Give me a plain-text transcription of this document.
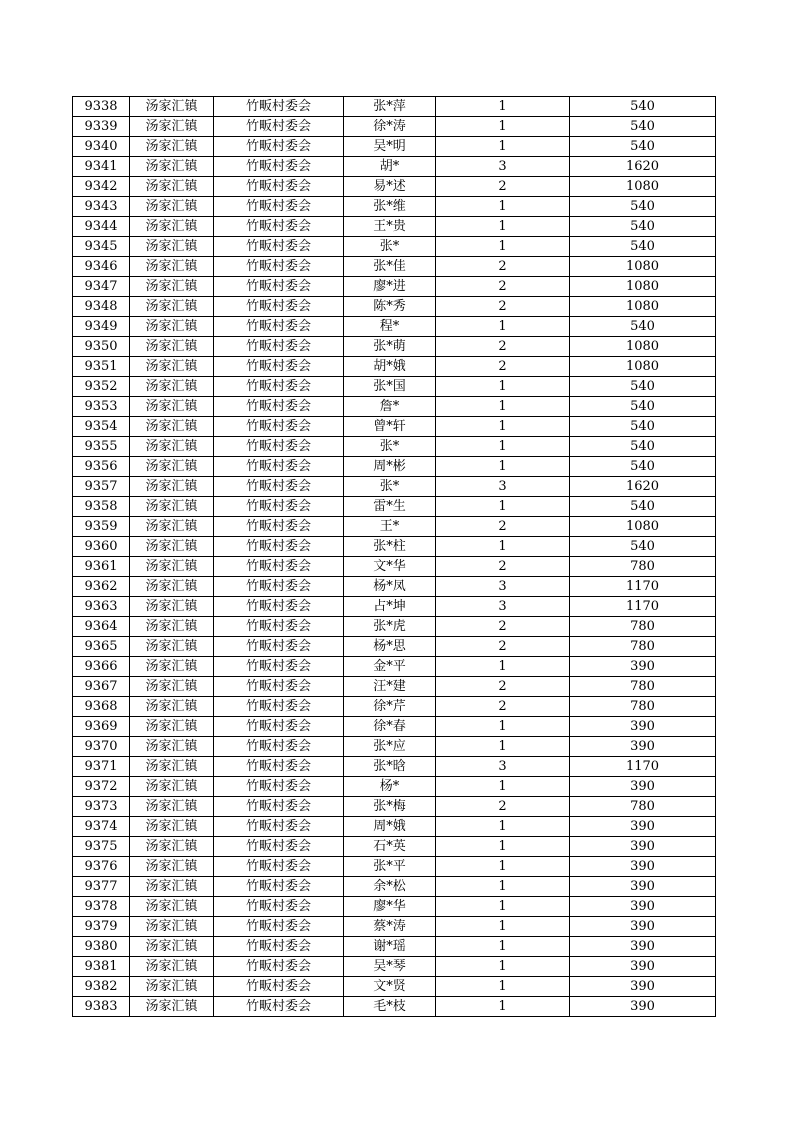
9338	汤家汇镇	竹畈村委会	张*萍	1	540
9339	汤家汇镇	竹畈村委会	徐*涛	1	540
9340	汤家汇镇	竹畈村委会	吴*明	1	540
9341	汤家汇镇	竹畈村委会	胡*	3	1620
9342	汤家汇镇	竹畈村委会	易*述	2	1080
9343	汤家汇镇	竹畈村委会	张*维	1	540
9344	汤家汇镇	竹畈村委会	王*贵	1	540
9345	汤家汇镇	竹畈村委会	张*	1	540
9346	汤家汇镇	竹畈村委会	张*佳	2	1080
9347	汤家汇镇	竹畈村委会	廖*进	2	1080
9348	汤家汇镇	竹畈村委会	陈*秀	2	1080
9349	汤家汇镇	竹畈村委会	程*	1	540
9350	汤家汇镇	竹畈村委会	张*萌	2	1080
9351	汤家汇镇	竹畈村委会	胡*娥	2	1080
9352	汤家汇镇	竹畈村委会	张*国	1	540
9353	汤家汇镇	竹畈村委会	詹*	1	540
9354	汤家汇镇	竹畈村委会	曾*轩	1	540
9355	汤家汇镇	竹畈村委会	张*	1	540
9356	汤家汇镇	竹畈村委会	周*彬	1	540
9357	汤家汇镇	竹畈村委会	张*	3	1620
9358	汤家汇镇	竹畈村委会	雷*生	1	540
9359	汤家汇镇	竹畈村委会	王*	2	1080
9360	汤家汇镇	竹畈村委会	张*柱	1	540
9361	汤家汇镇	竹畈村委会	文*华	2	780
9362	汤家汇镇	竹畈村委会	杨*凤	3	1170
9363	汤家汇镇	竹畈村委会	占*坤	3	1170
9364	汤家汇镇	竹畈村委会	张*虎	2	780
9365	汤家汇镇	竹畈村委会	杨*思	2	780
9366	汤家汇镇	竹畈村委会	金*平	1	390
9367	汤家汇镇	竹畈村委会	汪*建	2	780
9368	汤家汇镇	竹畈村委会	徐*芹	2	780
9369	汤家汇镇	竹畈村委会	徐*春	1	390
9370	汤家汇镇	竹畈村委会	张*应	1	390
9371	汤家汇镇	竹畈村委会	张*晗	3	1170
9372	汤家汇镇	竹畈村委会	杨*	1	390
9373	汤家汇镇	竹畈村委会	张*梅	2	780
9374	汤家汇镇	竹畈村委会	周*娥	1	390
9375	汤家汇镇	竹畈村委会	石*英	1	390
9376	汤家汇镇	竹畈村委会	张*平	1	390
9377	汤家汇镇	竹畈村委会	余*松	1	390
9378	汤家汇镇	竹畈村委会	廖*华	1	390
9379	汤家汇镇	竹畈村委会	蔡*涛	1	390
9380	汤家汇镇	竹畈村委会	谢*瑶	1	390
9381	汤家汇镇	竹畈村委会	吴*琴	1	390
9382	汤家汇镇	竹畈村委会	文*贤	1	390
9383	汤家汇镇	竹畈村委会	毛*枝	1	390
